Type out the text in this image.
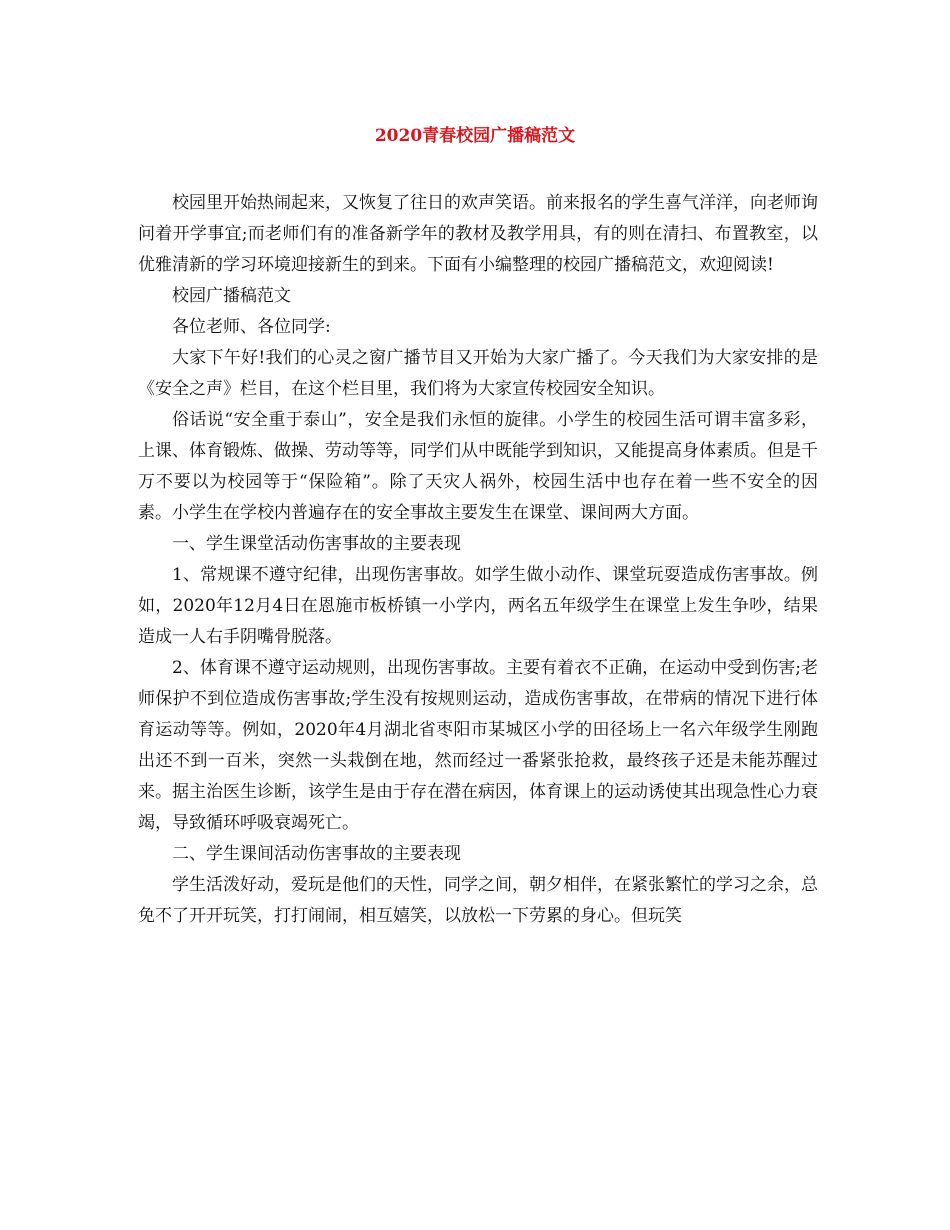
2020青春校园广播稿范文

校园里开始热闹起来，又恢复了往日的欢声笑语。前来报名的学生喜气洋洋，向老师询问着开学事宜;而老师们有的准备新学年的教材及教学用具，有的则在清扫、布置教室，以优雅清新的学习环境迎接新生的到来。下面有小编整理的校园广播稿范文，欢迎阅读!

校园广播稿范文

各位老师、各位同学:

大家下午好!我们的心灵之窗广播节目又开始为大家广播了。今天我们为大家安排的是《安全之声》栏目，在这个栏目里，我们将为大家宣传校园安全知识。

俗话说“安全重于泰山”，安全是我们永恒的旋律。小学生的校园生活可谓丰富多彩，上课、体育锻炼、做操、劳动等等，同学们从中既能学到知识，又能提高身体素质。但是千万不要以为校园等于“保险箱”。除了天灾人祸外，校园生活中也存在着一些不安全的因素。小学生在学校内普遍存在的安全事故主要发生在课堂、课间两大方面。

一、学生课堂活动伤害事故的主要表现

1、常规课不遵守纪律，出现伤害事故。如学生做小动作、课堂玩耍造成伤害事故。例如，2020年12月4日在恩施市板桥镇一小学内，两名五年级学生在课堂上发生争吵，结果造成一人右手阴嘴骨脱落。

2、体育课不遵守运动规则，出现伤害事故。主要有着衣不正确，在运动中受到伤害;老师保护不到位造成伤害事故;学生没有按规则运动，造成伤害事故，在带病的情况下进行体育运动等等。例如，2020年4月湖北省枣阳市某城区小学的田径场上一名六年级学生刚跑出还不到一百米，突然一头栽倒在地，然而经过一番紧张抢救，最终孩子还是未能苏醒过来。据主治医生诊断，该学生是由于存在潜在病因，体育课上的运动诱使其出现急性心力衰竭，导致循环呼吸衰竭死亡。

二、学生课间活动伤害事故的主要表现

学生活泼好动，爱玩是他们的天性，同学之间，朝夕相伴，在紧张繁忙的学习之余，总免不了开开玩笑，打打闹闹，相互嬉笑，以放松一下劳累的身心。但玩笑
